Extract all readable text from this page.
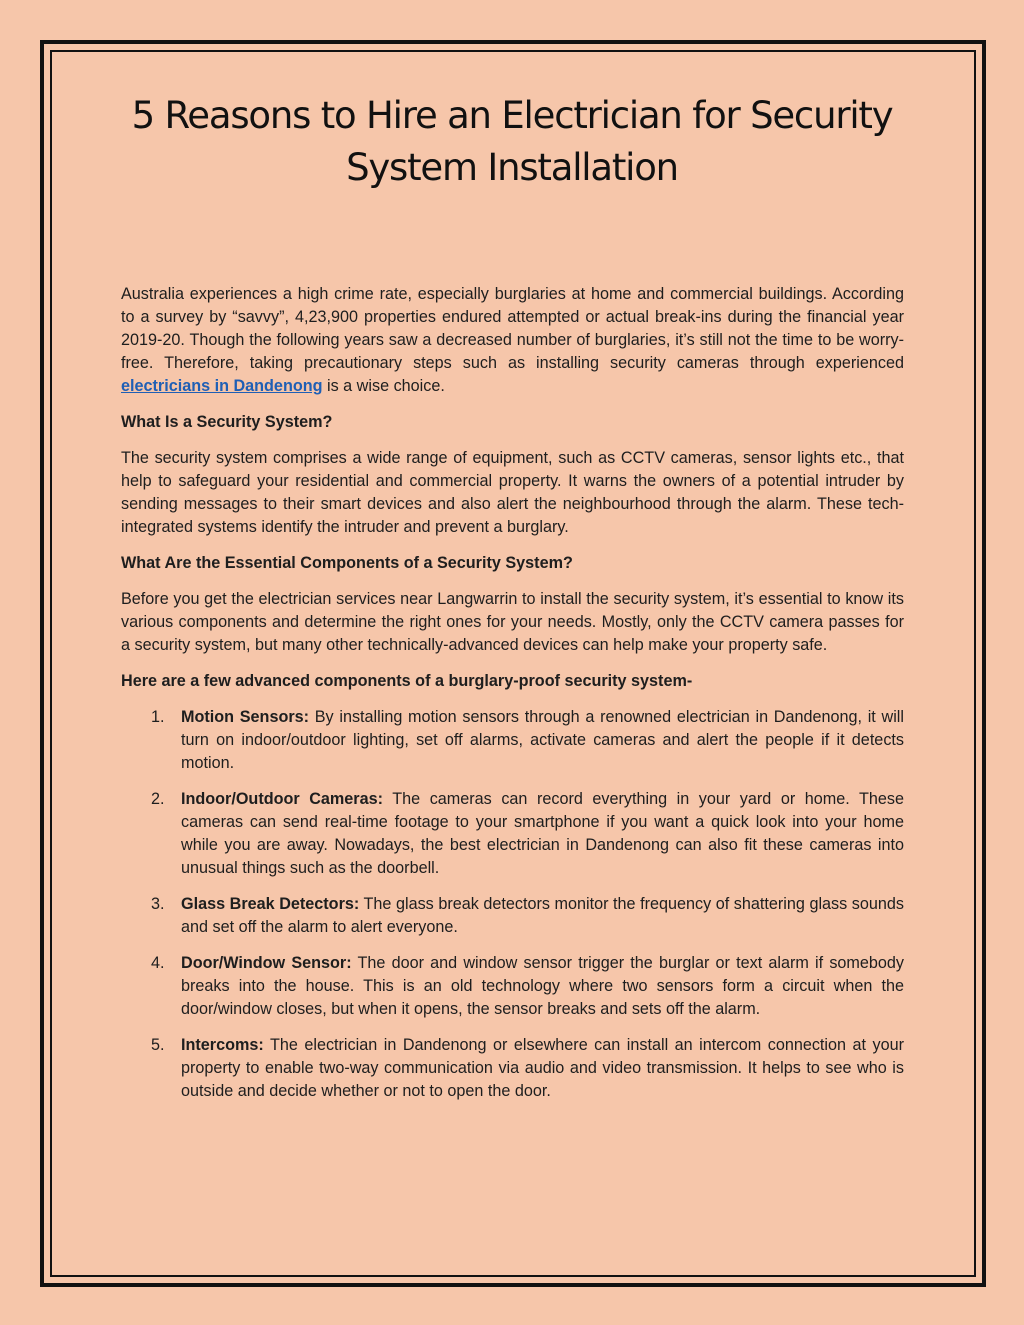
5 Reasons to Hire an Electrician for Security
System Installation

Australia experiences a high crime rate, especially burglaries at home and commercial buildings. According to a survey by “savvy”, 4,23,900 properties endured attempted or actual break-ins during the financial year 2019-20. Though the following years saw a decreased number of burglaries, it’s still not the time to be worry-free. Therefore, taking precautionary steps such as installing security cameras through experienced electricians in Dandenong is a wise choice.

What Is a Security System?

The security system comprises a wide range of equipment, such as CCTV cameras, sensor lights etc., that help to safeguard your residential and commercial property. It warns the owners of a potential intruder by sending messages to their smart devices and also alert the neighbourhood through the alarm. These tech-integrated systems identify the intruder and prevent a burglary.

What Are the Essential Components of a Security System?

Before you get the electrician services near Langwarrin to install the security system, it’s essential to know its various components and determine the right ones for your needs. Mostly, only the CCTV camera passes for a security system, but many other technically-advanced devices can help make your property safe.

Here are a few advanced components of a burglary-proof security system-
1. Motion Sensors: By installing motion sensors through a renowned electrician in Dandenong, it will turn on indoor/outdoor lighting, set off alarms, activate cameras and alert the people if it detects motion.
2. Indoor/Outdoor Cameras: The cameras can record everything in your yard or home. These cameras can send real-time footage to your smartphone if you want a quick look into your home while you are away. Nowadays, the best electrician in Dandenong can also fit these cameras into unusual things such as the doorbell.
3. Glass Break Detectors: The glass break detectors monitor the frequency of shattering glass sounds and set off the alarm to alert everyone.
4. Door/Window Sensor: The door and window sensor trigger the burglar or text alarm if somebody breaks into the house. This is an old technology where two sensors form a circuit when the door/window closes, but when it opens, the sensor breaks and sets off the alarm.
5. Intercoms: The electrician in Dandenong or elsewhere can install an intercom connection at your property to enable two-way communication via audio and video transmission. It helps to see who is outside and decide whether or not to open the door.
